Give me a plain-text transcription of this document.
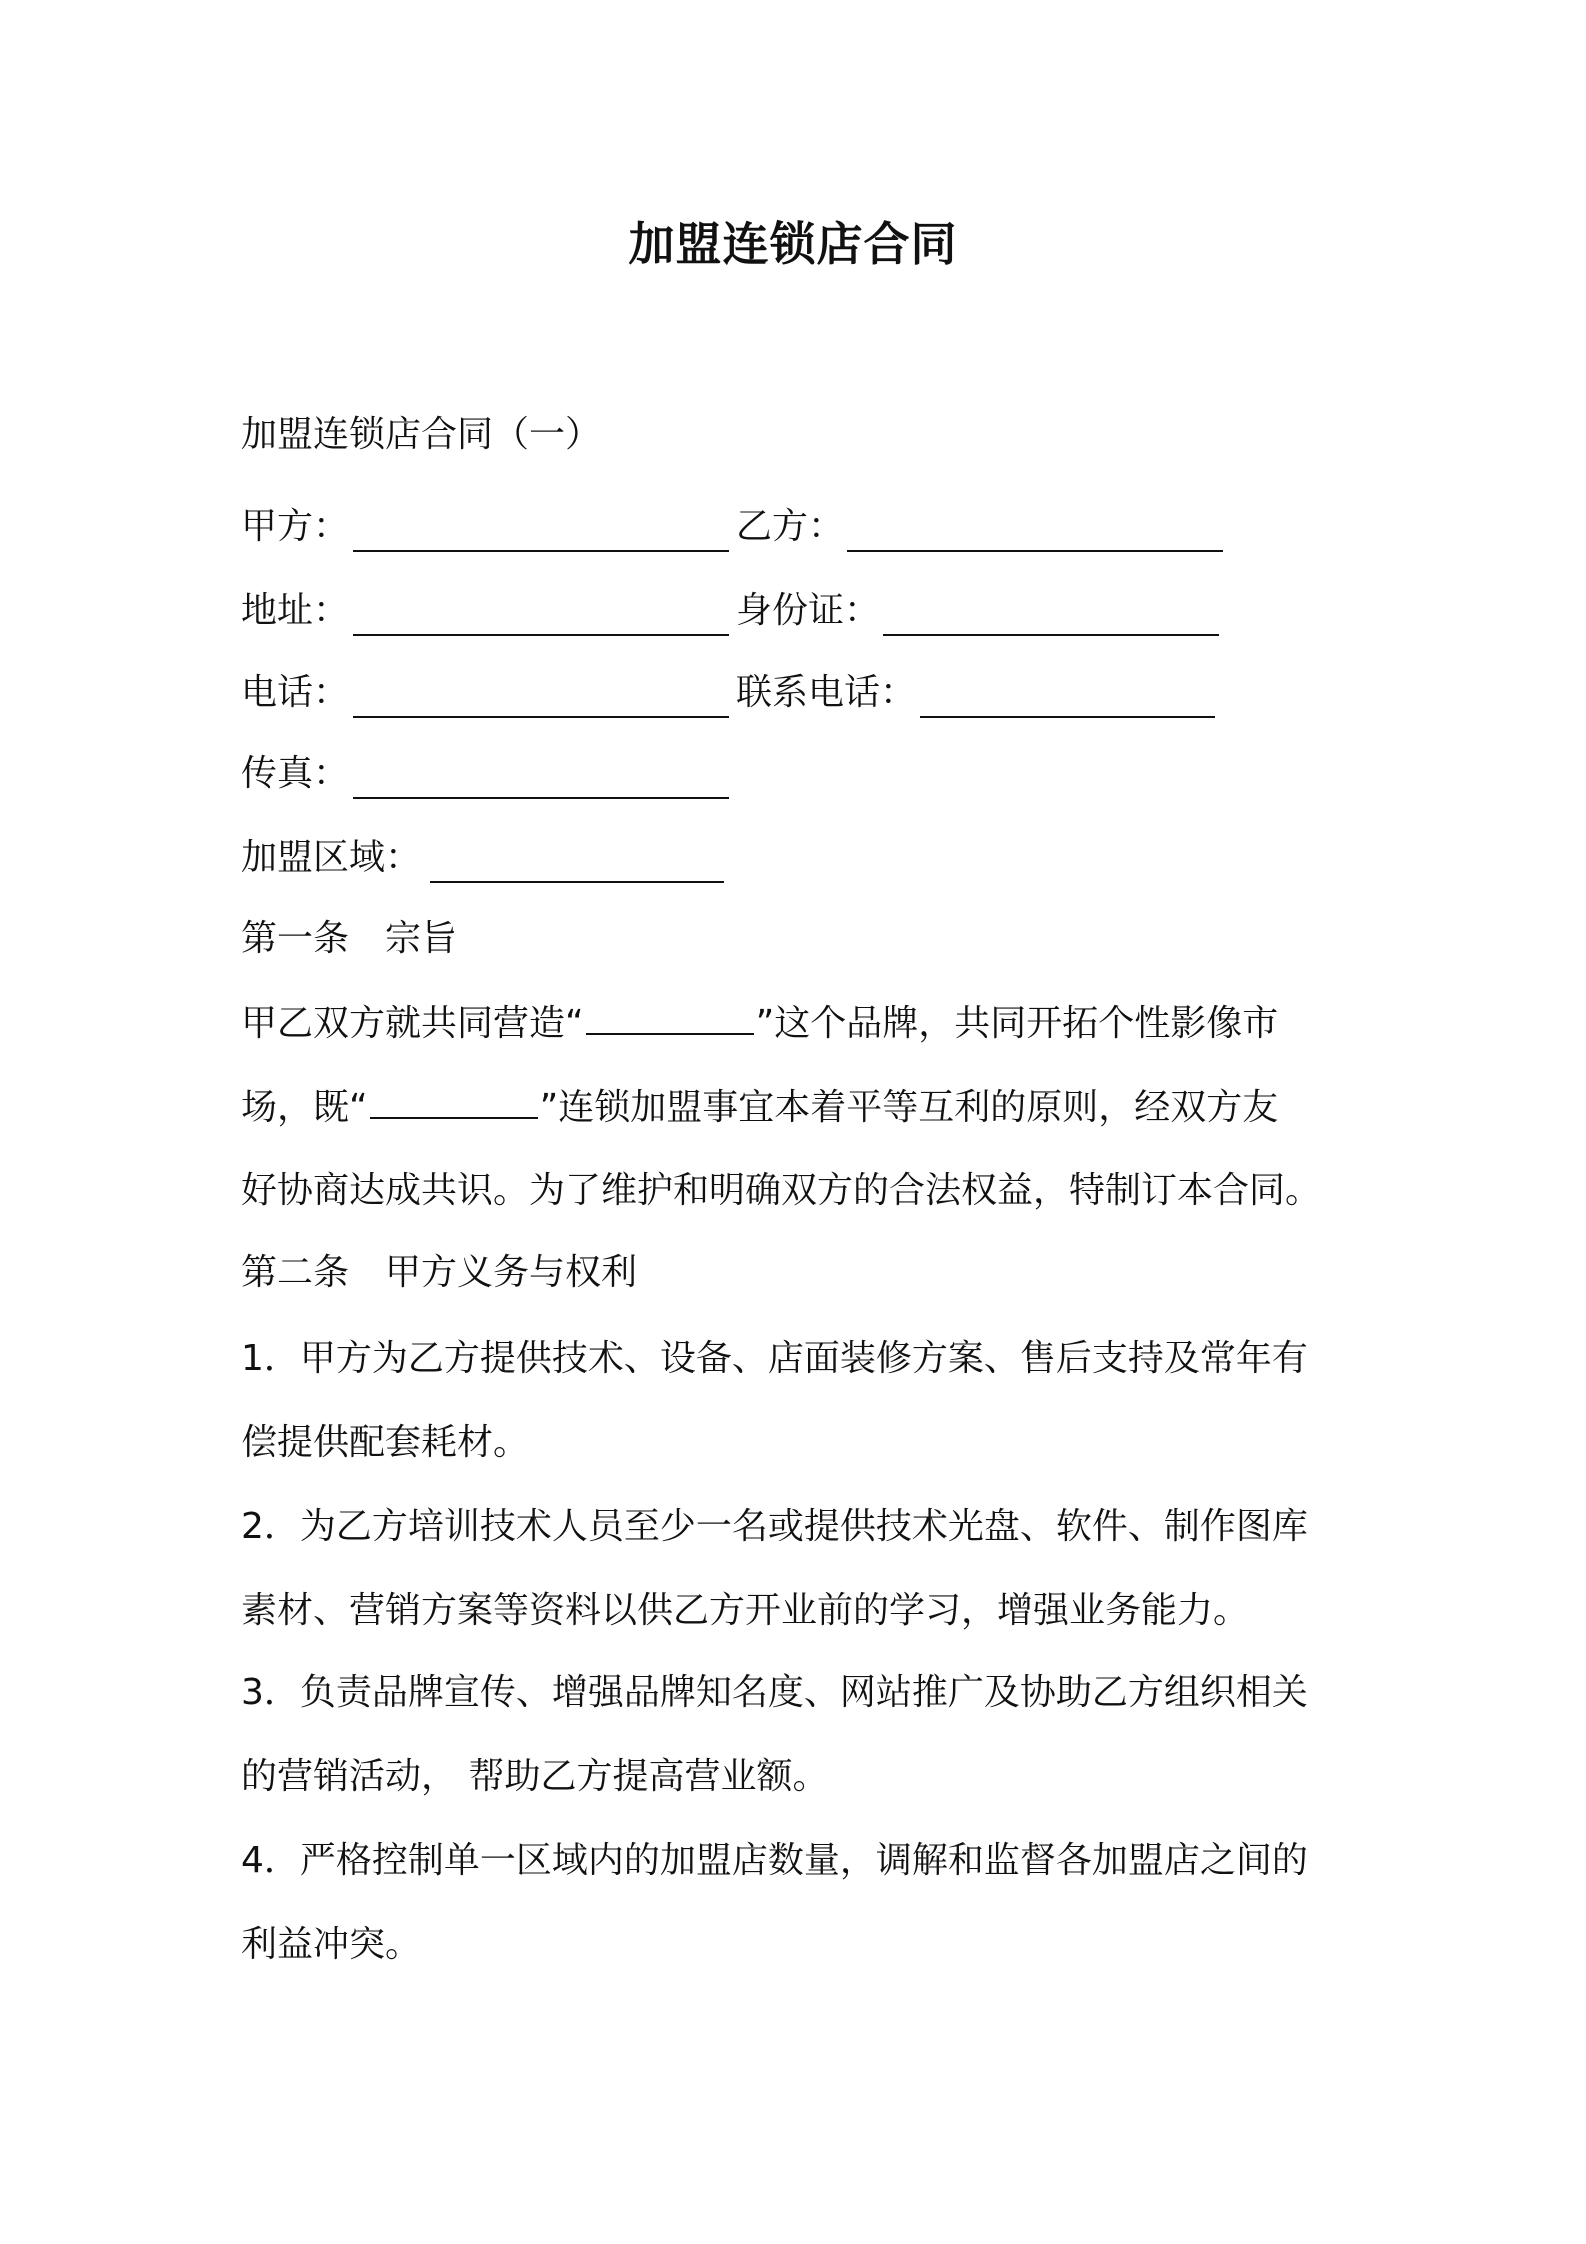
加盟连锁店合同
加盟连锁店合同（一）
甲方：	乙方：
地址：	身份证：
电话：	联系电话：
传真：
加盟区域：
第一条　宗旨
甲乙双方就共同营造“	”这个品牌，共同开拓个性影像市
场，既“	”连锁加盟事宜本着平等互利的原则，经双方友
好协商达成共识。为了维护和明确双方的合法权益，特制订本合同。
第二条　甲方义务与权利
1．甲方为乙方提供技术、设备、店面装修方案、售后支持及常年有
偿提供配套耗材。
2．为乙方培训技术人员至少一名或提供技术光盘、软件、制作图库
素材、营销方案等资料以供乙方开业前的学习，增强业务能力。
3．负责品牌宣传、增强品牌知名度、网站推广及协助乙方组织相关
的营销活动， 帮助乙方提高营业额。
4．严格控制单一区域内的加盟店数量，调解和监督各加盟店之间的
利益冲突。
